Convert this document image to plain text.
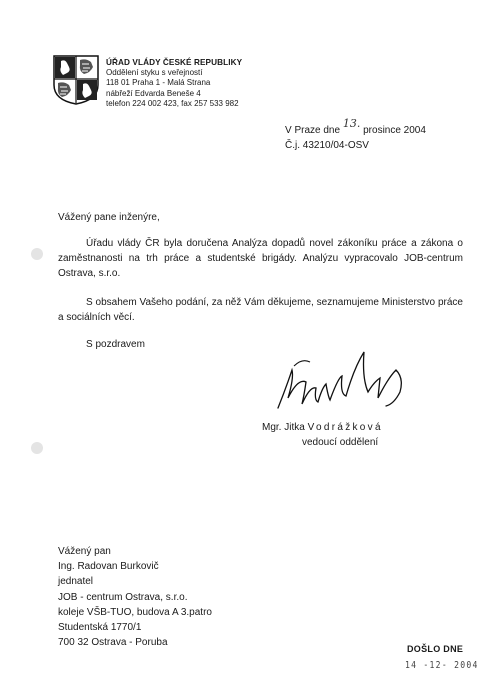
ÚŘAD VLÁDY ČESKÉ REPUBLIKY
Oddělení styku s veřejností
118 01 Praha 1 - Malá Strana
nábřeží Edvarda Beneše 4
telefon 224 002 423, fax 257 533 982
V Praze dne 13. prosince 2004
Č.j. 43210/04-OSV
Vážený pane inženýre,
Úřadu vlády ČR byla doručena Analýza dopadů novel zákoníku práce a zákona o zaměstnanosti na trh práce a studentské brigády. Analýzu vypracovalo JOB-centrum Ostrava, s.r.o.
S obsahem Vašeho podání, za něž Vám děkujeme, seznamujeme Ministerstvo práce a sociálních věcí.
S pozdravem
Mgr. Jitka Vodrážková
vedoucí oddělení
Vážený pan
Ing. Radovan Burkovič
jednatel
JOB - centrum Ostrava, s.r.o.
koleje VŠB-TUO, budova A 3.patro
Studentská 1770/1
700 32 Ostrava - Poruba
DOŠLO DNE
14 -12- 2004
